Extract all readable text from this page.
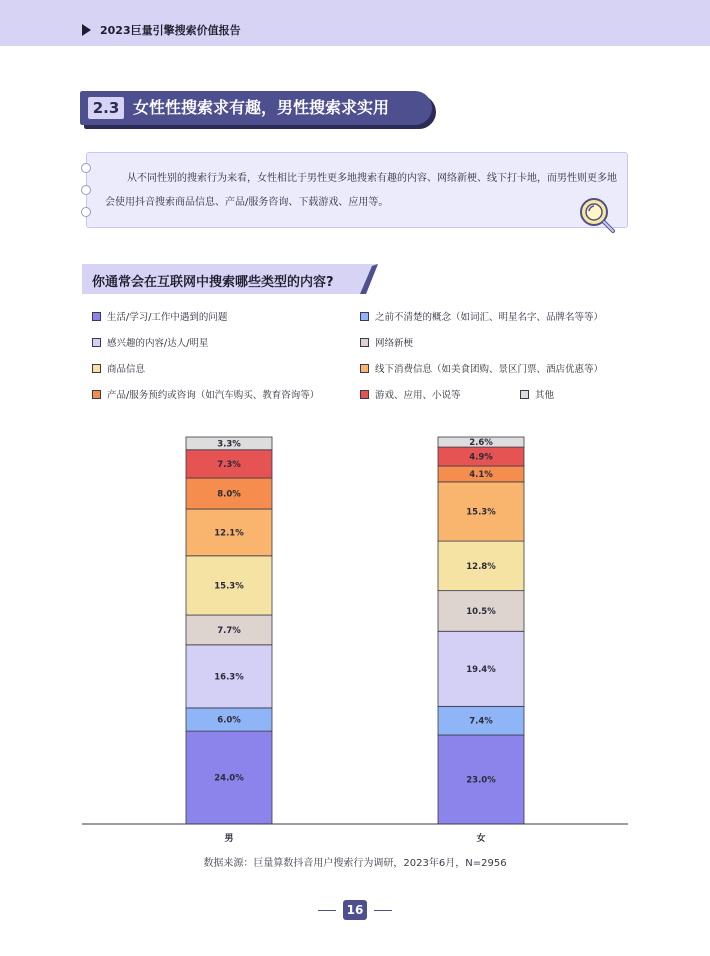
2023巨量引擎搜索价值报告
2.3 女性性搜索求有趣，男性搜索求实用

从不同性别的搜索行为来看，女性相比于男性更多地搜索有趣的内容、网络新梗、线下打卡地，而男性则更多地会使用抖音搜索商品信息、产品/服务咨询、下载游戏、应用等。

你通常会在互联网中搜索哪些类型的内容?
生活/学习/工作中遇到的问题	之前不清楚的概念（如词汇、明星名字、品牌名等等）
感兴趣的内容/达人/明星	网络新梗
商品信息	线下消费信息（如美食团购、景区门票、酒店优惠等）
产品/服务预约或咨询（如汽车购买、教育咨询等）	游戏、应用、小说等	其他
24.0%
6.0%
16.3%
7.7%
15.3%
12.1%
8.0%
7.3%
3.3%
男
23.0%
7.4%
19.4%
10.5%
12.8%
15.3%
4.1%
4.9%
2.6%
女
数据来源：巨量算数抖音用户搜索行为调研，2023年6月，N=2956
16
